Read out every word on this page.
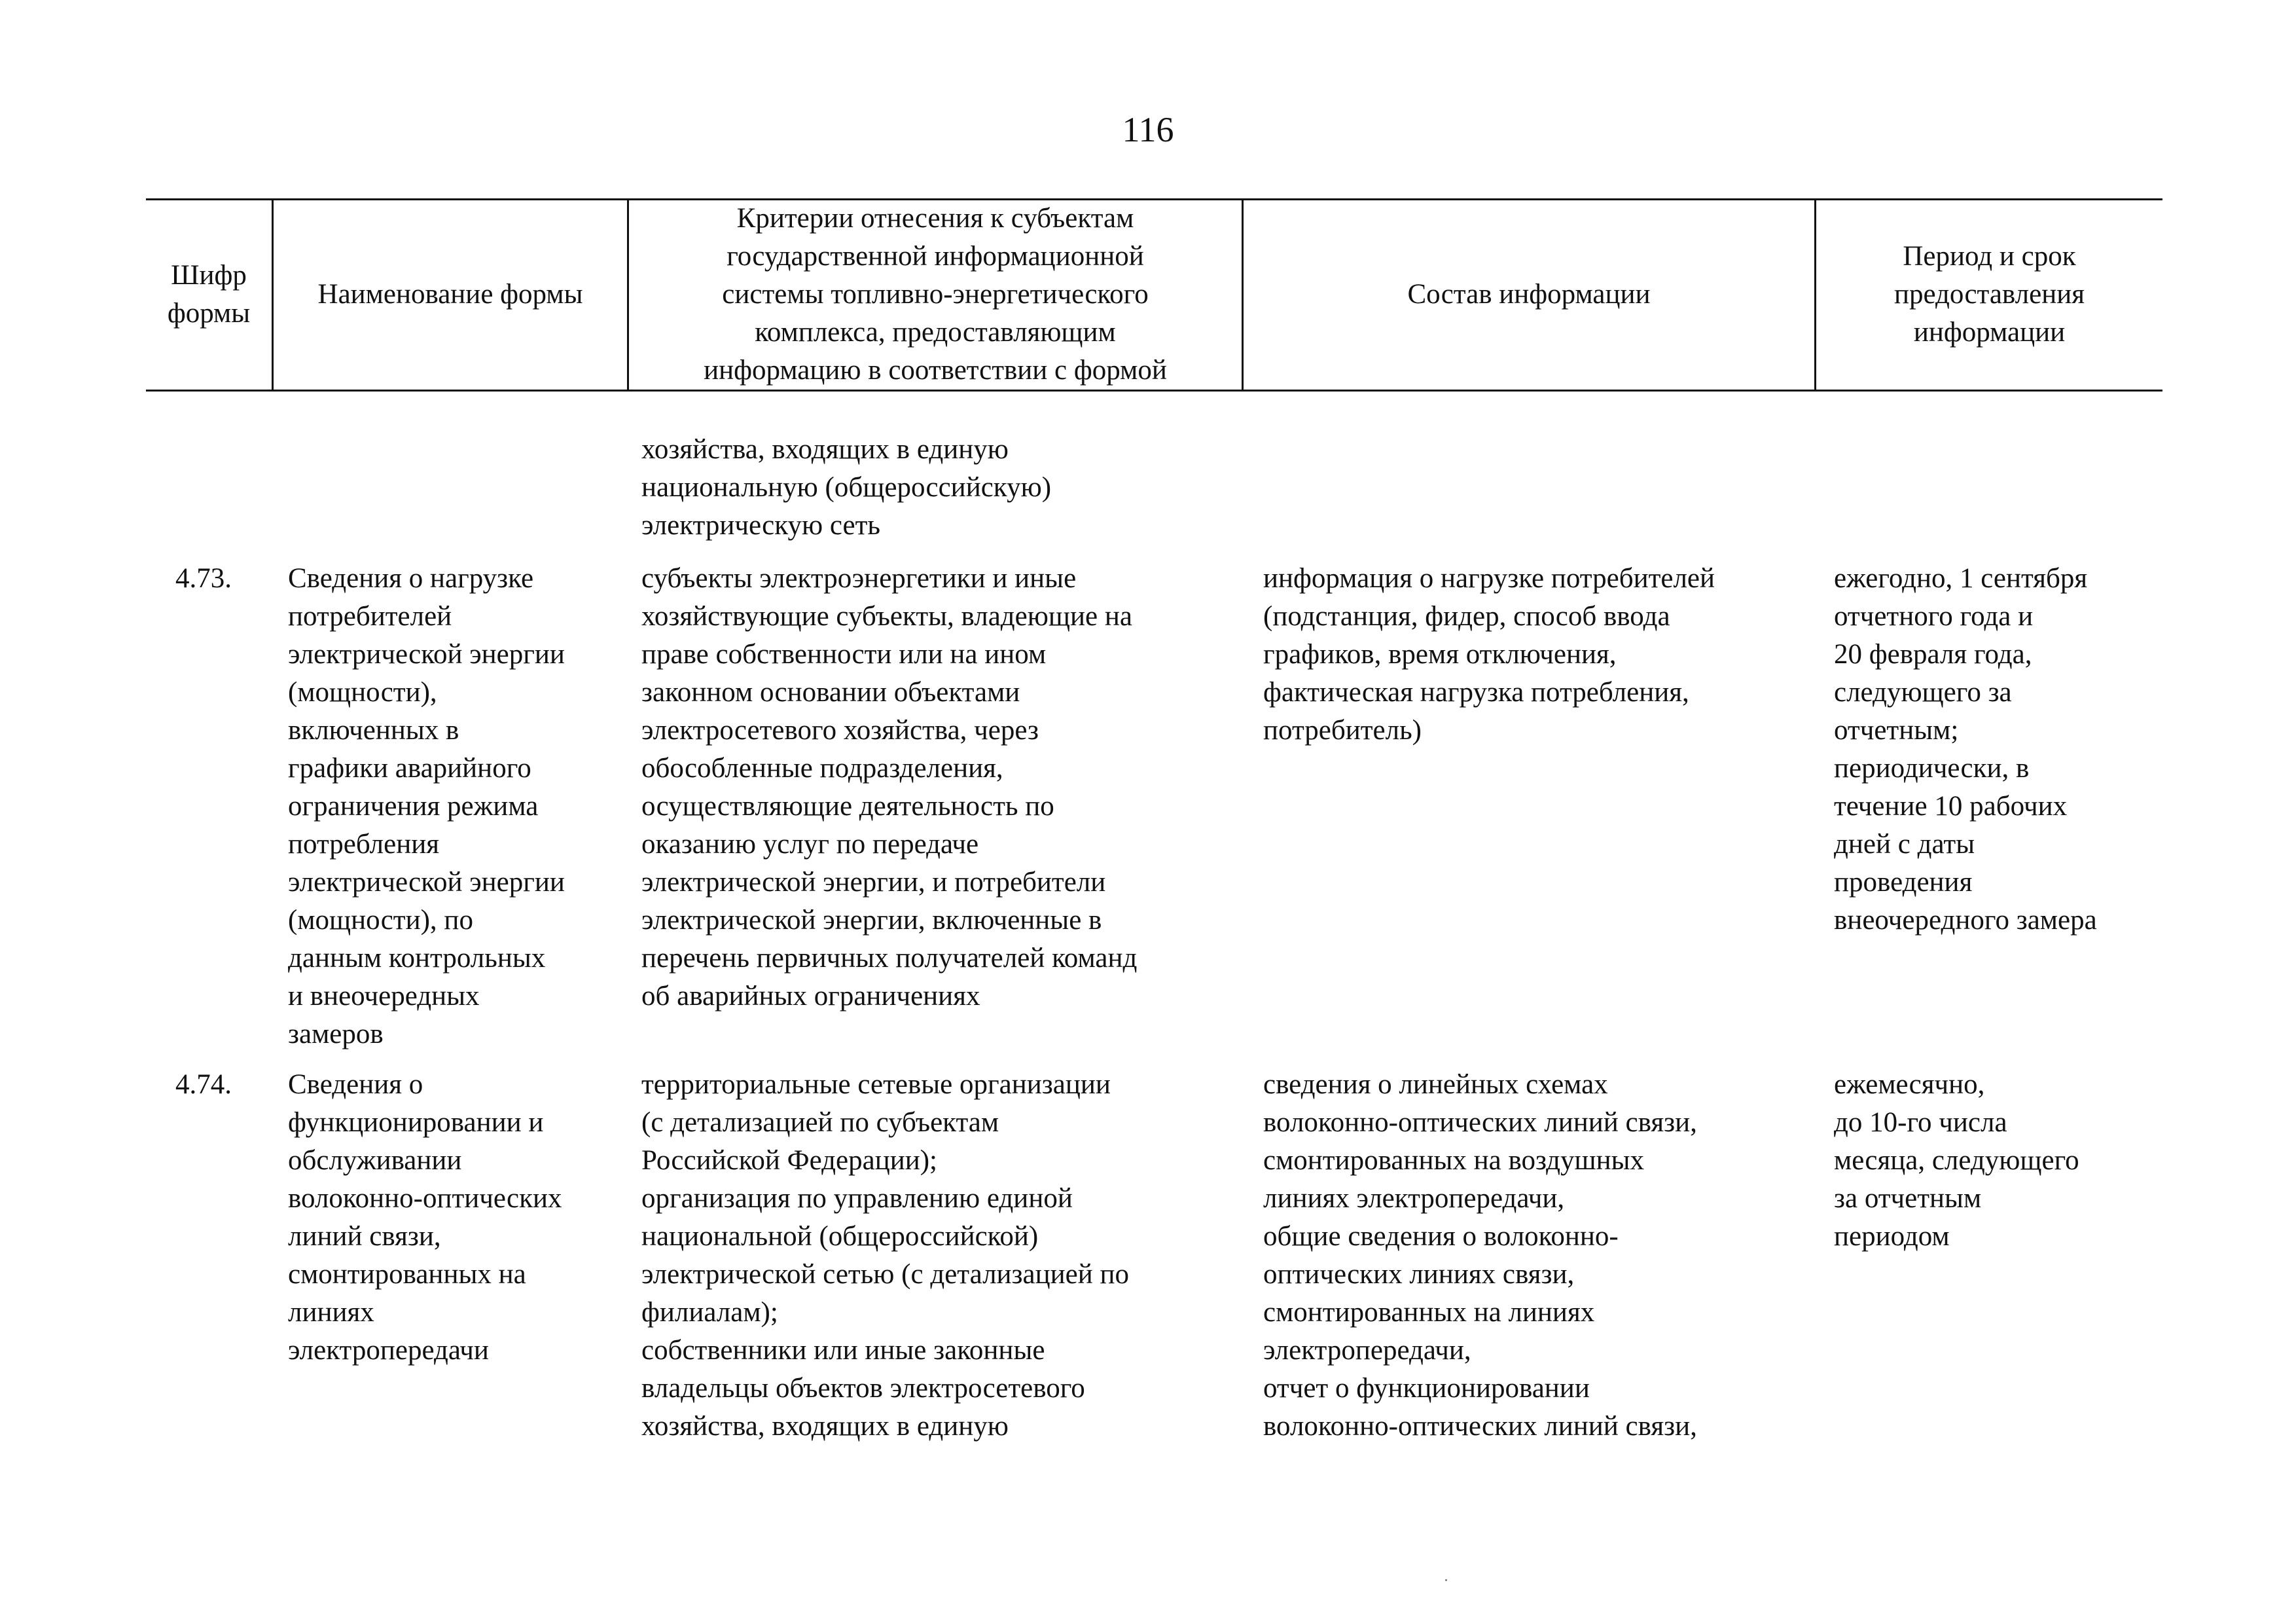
116
Шифр
формы
Наименование формы
Критерии отнесения к субъектам
государственной информационной
системы топливно-энергетического
комплекса, предоставляющим
информацию в соответствии с формой
Состав информации
Период и срок
предоставления
информации
хозяйства, входящих в единую
национальную (общероссийскую)
электрическую сеть
4.73.	Сведения о нагрузке
потребителей
электрической энергии
(мощности),
включенных в
графики аварийного
ограничения режима
потребления
электрической энергии
(мощности), по
данным контрольных
и внеочередных
замеров
субъекты электроэнергетики и иные
хозяйствующие субъекты, владеющие на
праве собственности или на ином
законном основании объектами
электросетевого хозяйства, через
обособленные подразделения,
осуществляющие деятельность по
оказанию услуг по передаче
электрической энергии, и потребители
электрической энергии, включенные в
перечень первичных получателей команд
об аварийных ограничениях
информация о нагрузке потребителей
(подстанция, фидер, способ ввода
графиков, время отключения,
фактическая нагрузка потребления,
потребитель)
ежегодно, 1 сентября
отчетного года и
20 февраля года,
следующего за
отчетным;
периодически, в
течение 10 рабочих
дней с даты
проведения
внеочередного замера
4.74.	Сведения о
функционировании и
обслуживании
волоконно-оптических
линий связи,
смонтированных на
линиях
электропередачи
территориальные сетевые организации
(с детализацией по субъектам
Российской Федерации);
организация по управлению единой
национальной (общероссийской)
электрической сетью (с детализацией по
филиалам);
собственники или иные законные
владельцы объектов электросетевого
хозяйства, входящих в единую
сведения о линейных схемах
волоконно-оптических линий связи,
смонтированных на воздушных
линиях электропередачи,
общие сведения о волоконно-
оптических линиях связи,
смонтированных на линиях
электропередачи,
отчет о функционировании
волоконно-оптических линий связи,
ежемесячно,
до 10-го числа
месяца, следующего
за отчетным
периодом
